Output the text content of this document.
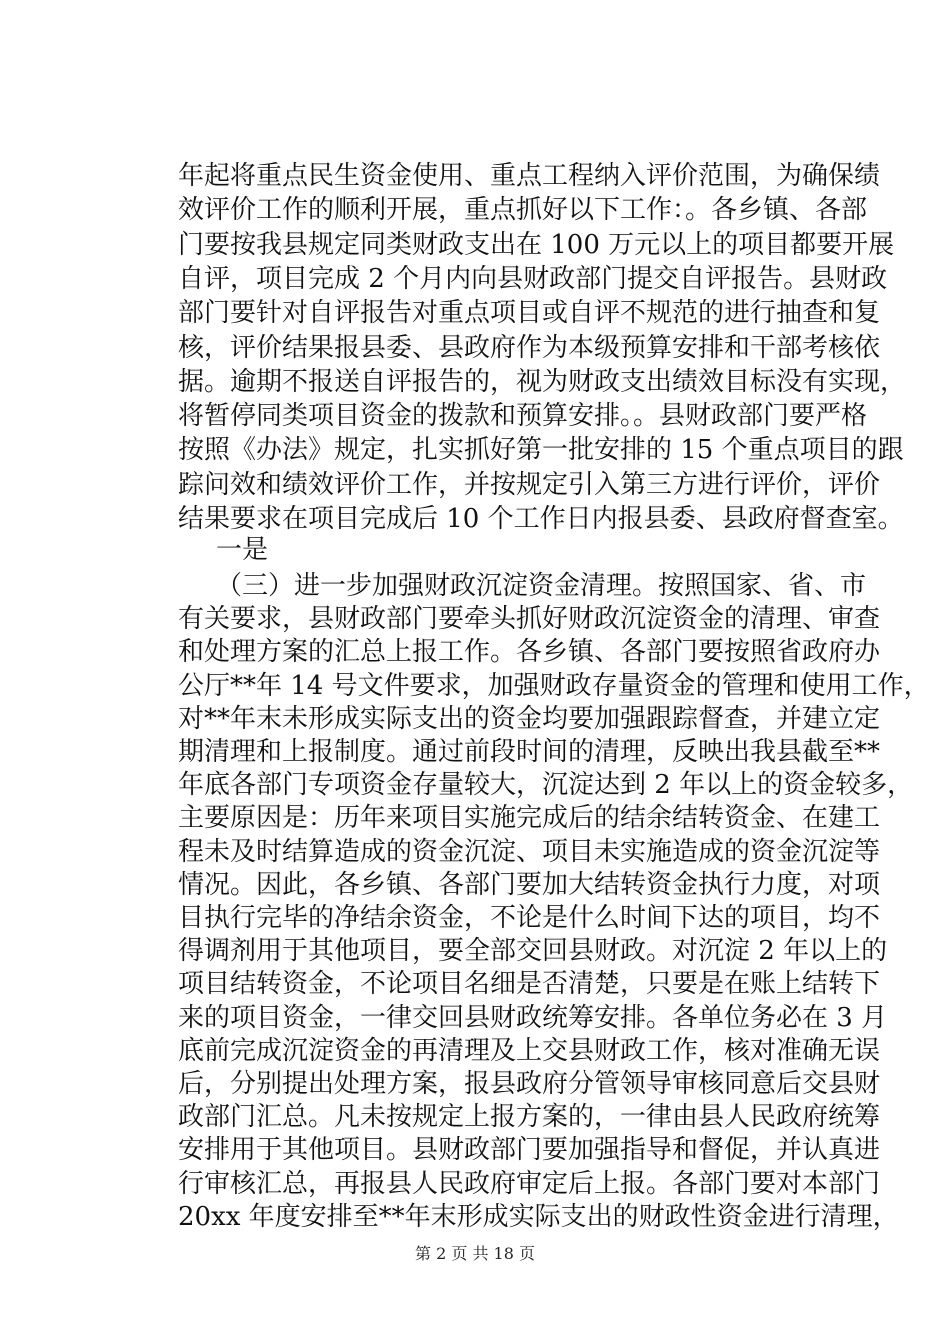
年起将重点民生资金使用、重点工程纳入评价范围，为确保绩
效评价工作的顺利开展，重点抓好以下工作：。各乡镇、各部
门要按我县规定同类财政支出在 100 万元以上的项目都要开展
自评，项目完成 2 个月内向县财政部门提交自评报告。县财政
部门要针对自评报告对重点项目或自评不规范的进行抽查和复
核，评价结果报县委、县政府作为本级预算安排和干部考核依
据。逾期不报送自评报告的，视为财政支出绩效目标没有实现，
将暂停同类项目资金的拨款和预算安排。。县财政部门要严格
按照《办法》规定，扎实抓好第一批安排的 15 个重点项目的跟
踪问效和绩效评价工作，并按规定引入第三方进行评价，评价
结果要求在项目完成后 10 个工作日内报县委、县政府督查室。
一是
（三）进一步加强财政沉淀资金清理。按照国家、省、市
有关要求，县财政部门要牵头抓好财政沉淀资金的清理、审查
和处理方案的汇总上报工作。各乡镇、各部门要按照省政府办
公厅**年 14 号文件要求，加强财政存量资金的管理和使用工作，
对**年末未形成实际支出的资金均要加强跟踪督查，并建立定
期清理和上报制度。通过前段时间的清理，反映出我县截至**
年底各部门专项资金存量较大，沉淀达到 2 年以上的资金较多，
主要原因是：历年来项目实施完成后的结余结转资金、在建工
程未及时结算造成的资金沉淀、项目未实施造成的资金沉淀等
情况。因此，各乡镇、各部门要加大结转资金执行力度，对项
目执行完毕的净结余资金，不论是什么时间下达的项目，均不
得调剂用于其他项目，要全部交回县财政。对沉淀 2 年以上的
项目结转资金，不论项目名细是否清楚，只要是在账上结转下
来的项目资金，一律交回县财政统筹安排。各单位务必在 3 月
底前完成沉淀资金的再清理及上交县财政工作，核对准确无误
后，分别提出处理方案，报县政府分管领导审核同意后交县财
政部门汇总。凡未按规定上报方案的，一律由县人民政府统筹
安排用于其他项目。县财政部门要加强指导和督促，并认真进
行审核汇总，再报县人民政府审定后上报。各部门要对本部门
20xx 年度安排至**年末形成实际支出的财政性资金进行清理，
第 2 页 共 18 页
